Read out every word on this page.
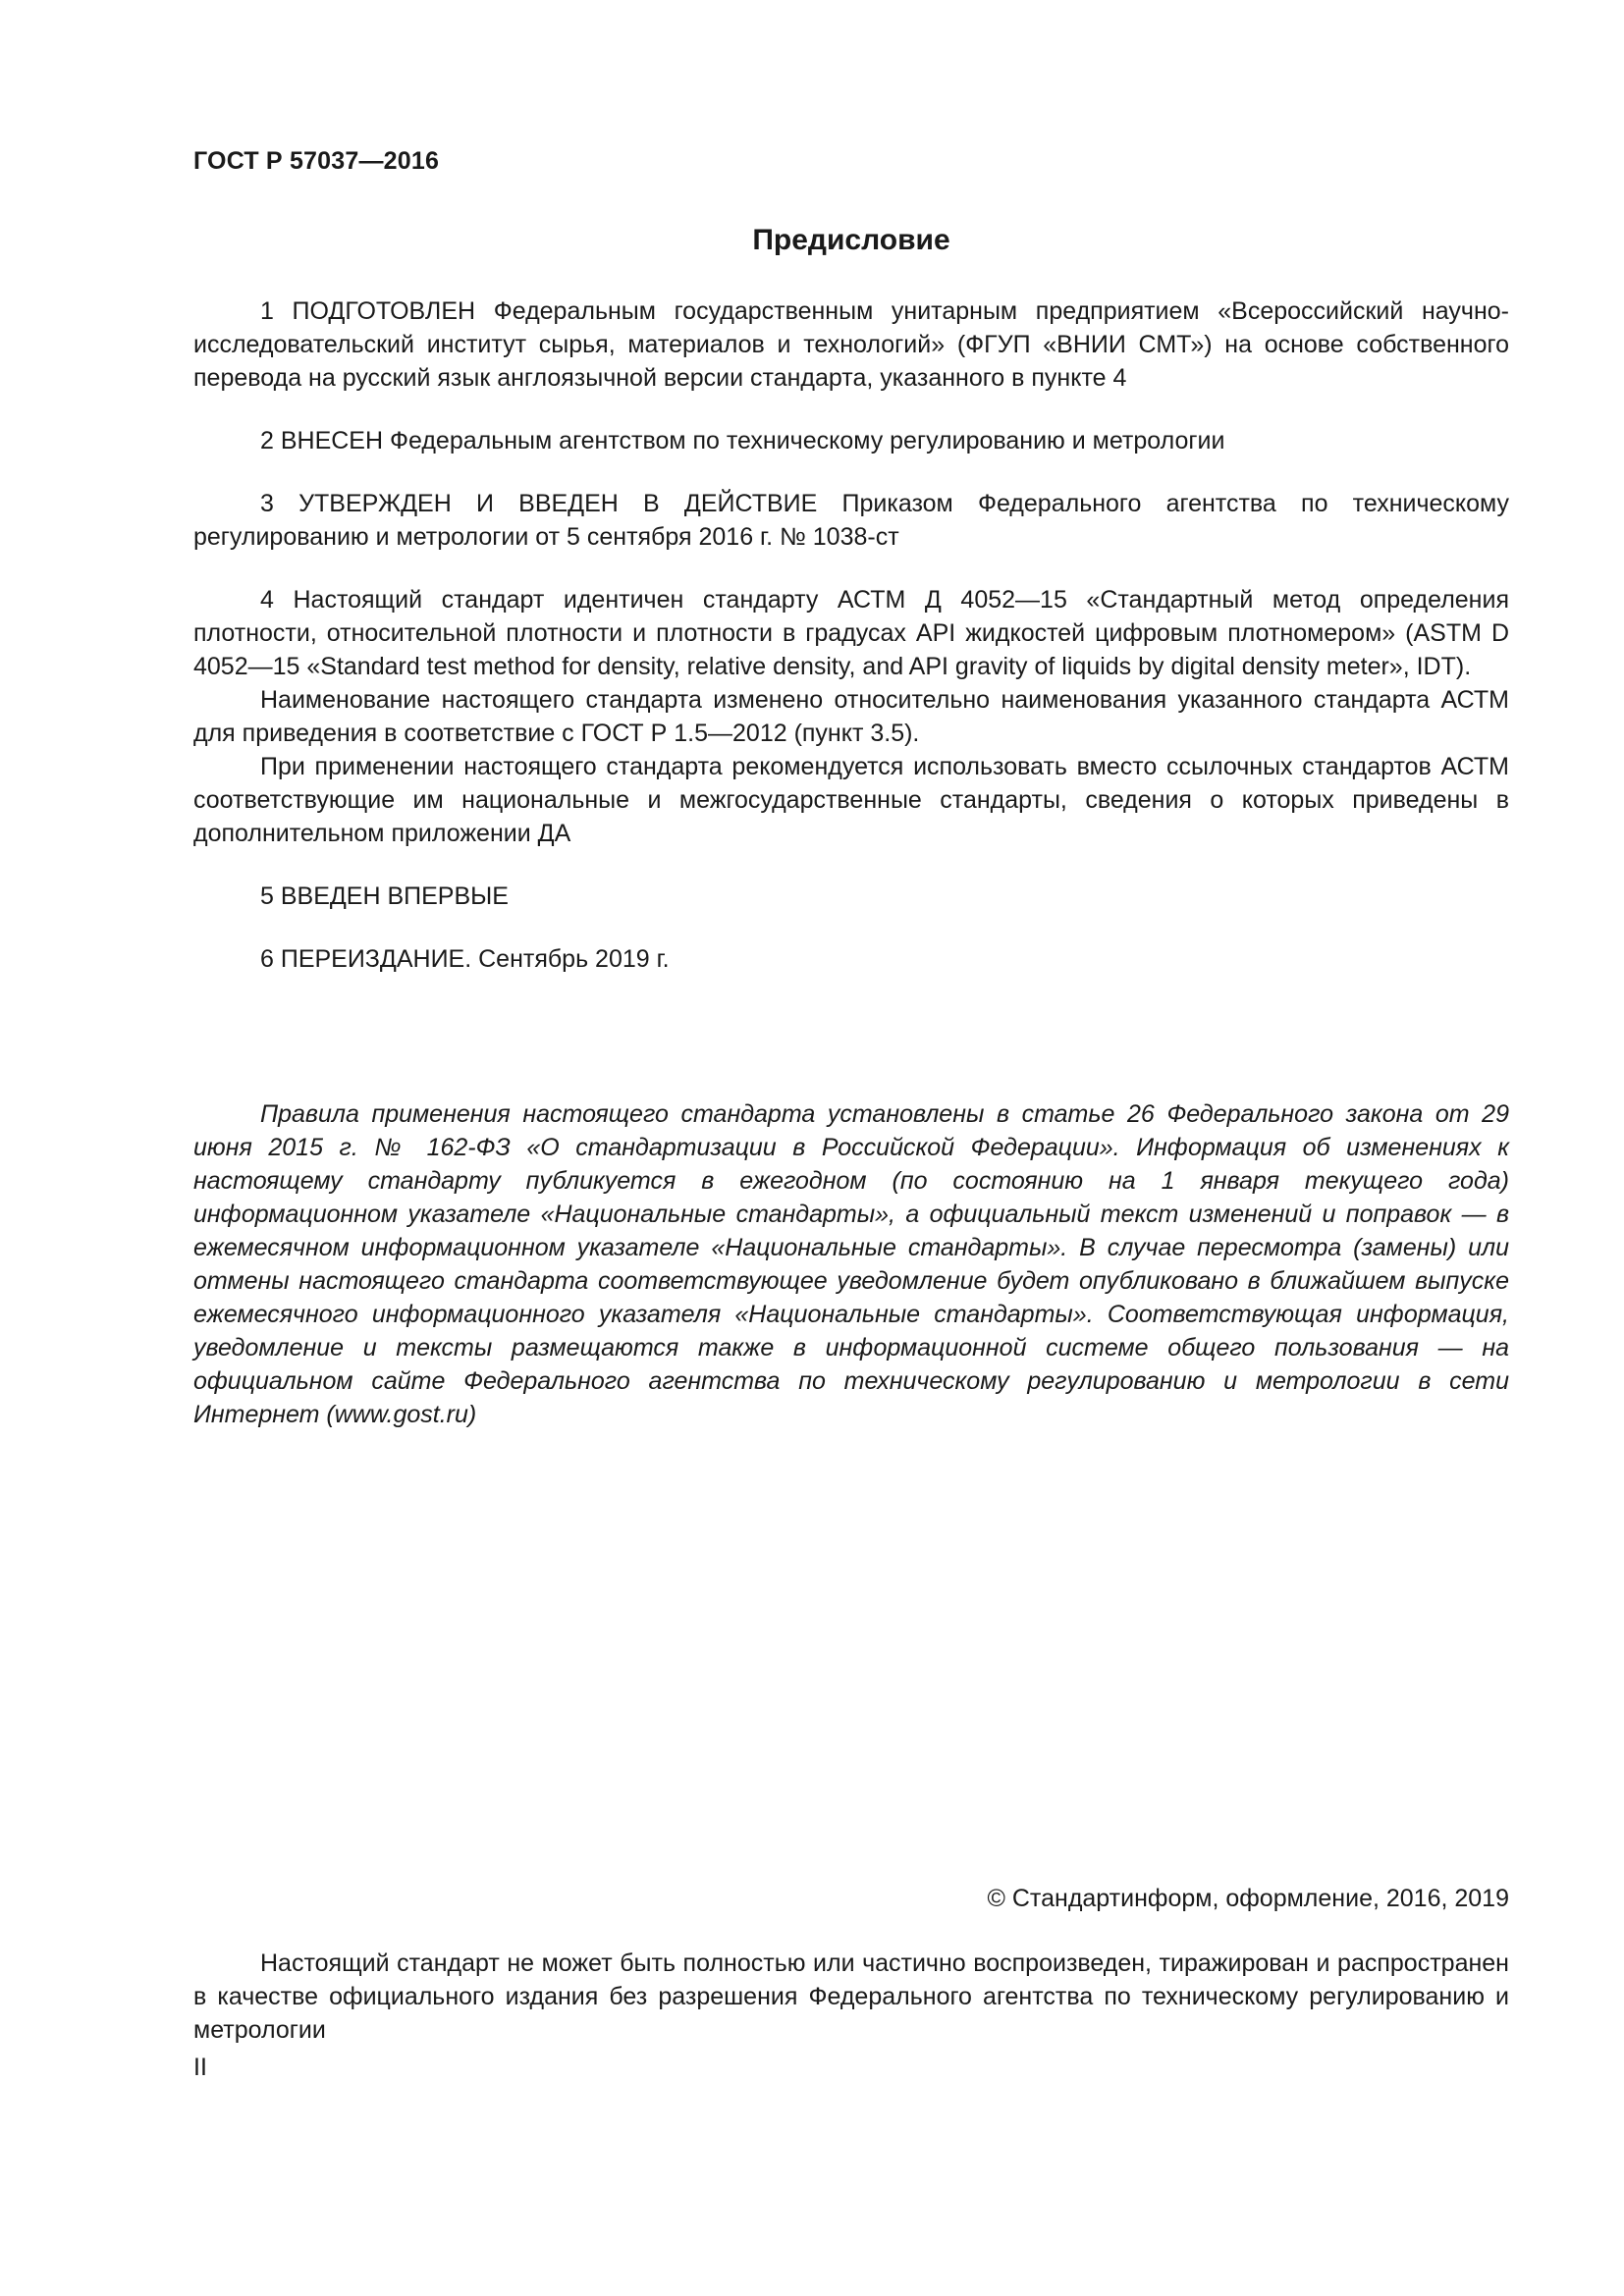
ГОСТ Р 57037—2016
Предисловие

1 ПОДГОТОВЛЕН Федеральным государственным унитарным предприятием «Всероссийский научно-исследовательский институт сырья, материалов и технологий» (ФГУП «ВНИИ СМТ») на основе собственного перевода на русский язык англоязычной версии стандарта, указанного в пункте 4

2 ВНЕСЕН Федеральным агентством по техническому регулированию и метрологии

3 УТВЕРЖДЕН И ВВЕДЕН В ДЕЙСТВИЕ Приказом Федерального агентства по техническому регулированию и метрологии от 5 сентября 2016 г. № 1038-ст

4 Настоящий стандарт идентичен стандарту АСТМ Д 4052—15 «Стандартный метод определения плотности, относительной плотности и плотности в градусах API жидкостей цифровым плотномером» (ASTM D 4052—15 «Standard test method for density, relative density, and API gravity of liquids by digital density meter», IDT).

Наименование настоящего стандарта изменено относительно наименования указанного стандарта АСТМ для приведения в соответствие с ГОСТ Р 1.5—2012 (пункт 3.5).

При применении настоящего стандарта рекомендуется использовать вместо ссылочных стандартов АСТМ соответствующие им национальные и межгосударственные стандарты, сведения о которых приведены в дополнительном приложении ДА

5 ВВЕДЕН ВПЕРВЫЕ

6 ПЕРЕИЗДАНИЕ. Сентябрь 2019 г.

Правила применения настоящего стандарта установлены в статье 26 Федерального закона от 29 июня 2015 г. № 162-ФЗ «О стандартизации в Российской Федерации». Информация об изменениях к настоящему стандарту публикуется в ежегодном (по состоянию на 1 января текущего года) информационном указателе «Национальные стандарты», а официальный текст изменений и поправок — в ежемесячном информационном указателе «Национальные стандарты». В случае пересмотра (замены) или отмены настоящего стандарта соответствующее уведомление будет опубликовано в ближайшем выпуске ежемесячного информационного указателя «Национальные стандарты». Соответствующая информация, уведомление и тексты размещаются также в информационной системе общего пользования — на официальном сайте Федерального агентства по техническому регулированию и метрологии в сети Интернет (www.gost.ru)

© Стандартинформ, оформление, 2016, 2019

Настоящий стандарт не может быть полностью или частично воспроизведен, тиражирован и распространен в качестве официального издания без разрешения Федерального агентства по техническому регулированию и метрологии

II
